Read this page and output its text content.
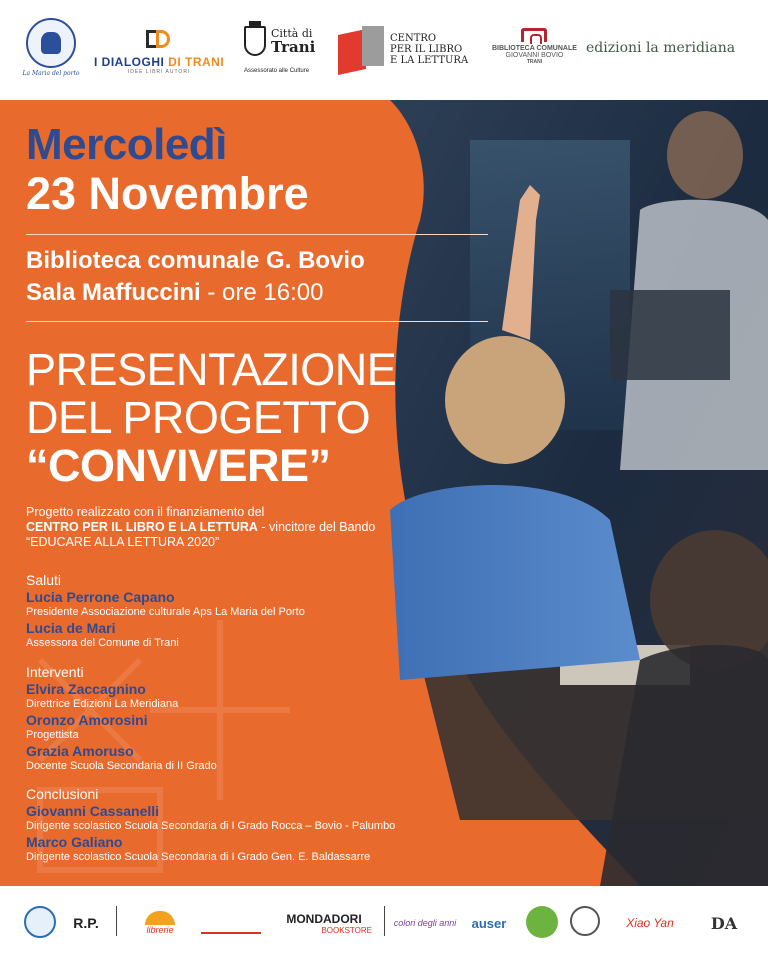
La Maria del porto
I DIALOGHI DI TRANI
IDEE LIBRI AUTORI
Città di
Trani
Assessorato alle Culture
CENTRO
PER IL LIBRO
E LA LETTURA
BIBLIOTECA COMUNALE
GIOVANNI BOVIO
TRANI
edizioni la meridiana
Mercoledì
23 Novembre
Biblioteca comunale G. Bovio
Sala Maffuccini - ore 16:00
PRESENTAZIONE
DEL PROGETTO
“CONVIVERE”
Progetto realizzato con il finanziamento del
CENTRO PER IL LIBRO E LA LETTURA - vincitore del Bando
“EDUCARE ALLA LETTURA 2020”
Saluti
Lucia Perrone Capano
Presidente Associazione culturale Aps La Maria del Porto
Lucia de Mari
Assessora del Comune di Trani
Interventi
Elvira Zaccagnino
Direttrice Edizioni La Meridiana
Oronzo Amorosini
Progettista
Grazia Amoruso
Docente Scuola Secondaria di II Grado
Conclusioni
Giovanni Cassanelli
Dirigente scolastico Scuola Secondaria di I Grado Rocca – Bovio - Palumbo
Marco Galiano
Dirigente scolastico Scuola Secondaria di I Grado Gen. E. Baldassarre
R.P.	librerie
MONDADORI
BOOKSTORE
colori degli anni auser	Xiao Yan DA
